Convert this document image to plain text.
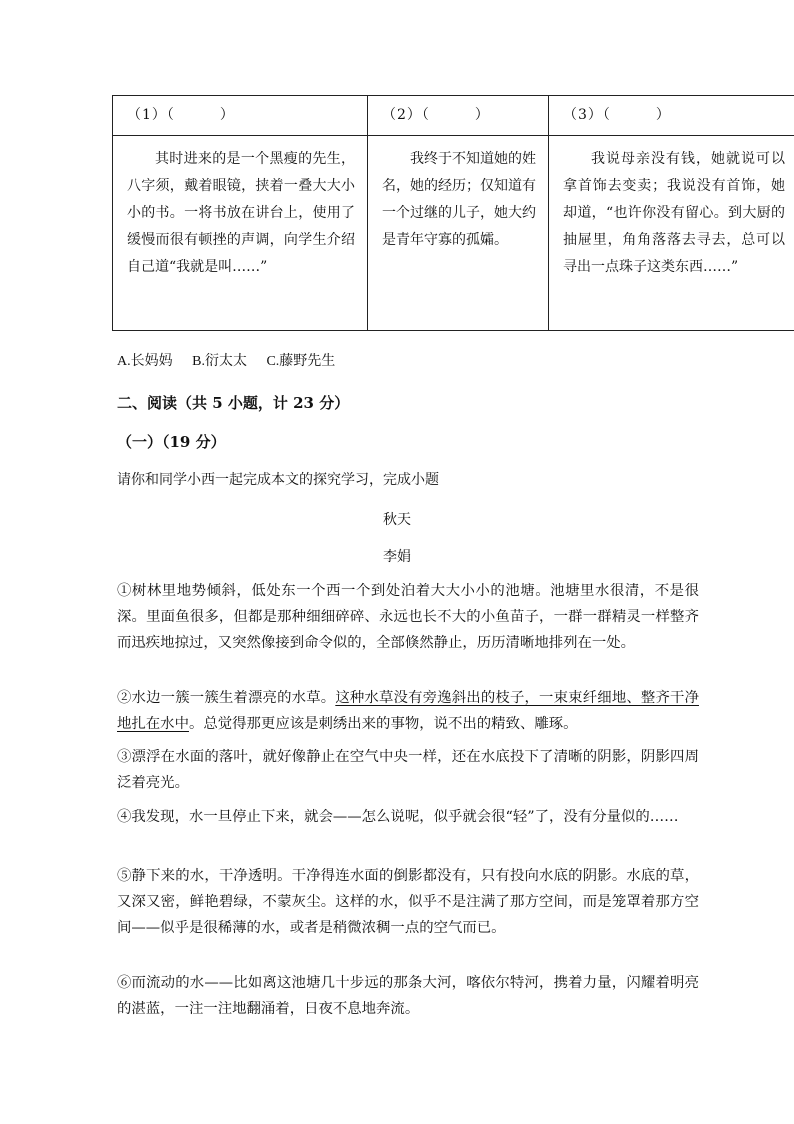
（1）（　　　）	（2）（　　　）	（3）（　　　）

其时进来的是一个黑瘦的先生，八字须，戴着眼镜，挟着一叠大大小小的书。一将书放在讲台上，使用了缓慢而很有顿挫的声调，向学生介绍自己道“我就是叫……”	我终于不知道她的姓名，她的经历；仅知道有一个过继的儿子，她大约是青年守寡的孤孀。	我说母亲没有钱，她就说可以拿首饰去变卖；我说没有首饰，她却道，“也许你没有留心。到大厨的抽屉里，角角落落去寻去，总可以寻出一点珠子这类东西……”
A.长妈妈 B.衍太太 C.藤野先生
二、阅读（共 5 小题，计 23 分）
（一）（19 分）
请你和同学小西一起完成本文的探究学习，完成小题
秋天
李娟
①树林里地势倾斜，低处东一个西一个到处泊着大大小小的池塘。池塘里水很清，不是很深。里面鱼很多，但都是那种细细碎碎、永远也长不大的小鱼苗子，一群一群精灵一样整齐而迅疾地掠过，又突然像接到命令似的，全部倏然静止，历历清晰地排列在一处。
②水边一簇一簇生着漂亮的水草。这种水草没有旁逸斜出的枝子，一束束纤细地、整齐干净地扎在水中。总觉得那更应该是刺绣出来的事物，说不出的精致、雕琢。
③漂浮在水面的落叶，就好像静止在空气中央一样，还在水底投下了清晰的阴影，阴影四周泛着亮光。
④我发现，水一旦停止下来，就会——怎么说呢，似乎就会很“轻”了，没有分量似的……
⑤静下来的水，干净透明。干净得连水面的倒影都没有，只有投向水底的阴影。水底的草，又深又密，鲜艳碧绿，不蒙灰尘。这样的水，似乎不是注满了那方空间，而是笼罩着那方空间——似乎是很稀薄的水，或者是稍微浓稠一点的空气而已。
⑥而流动的水——比如离这池塘几十步远的那条大河，喀依尔特河，携着力量，闪耀着明亮的湛蓝，一注一注地翻涌着，日夜不息地奔流。
